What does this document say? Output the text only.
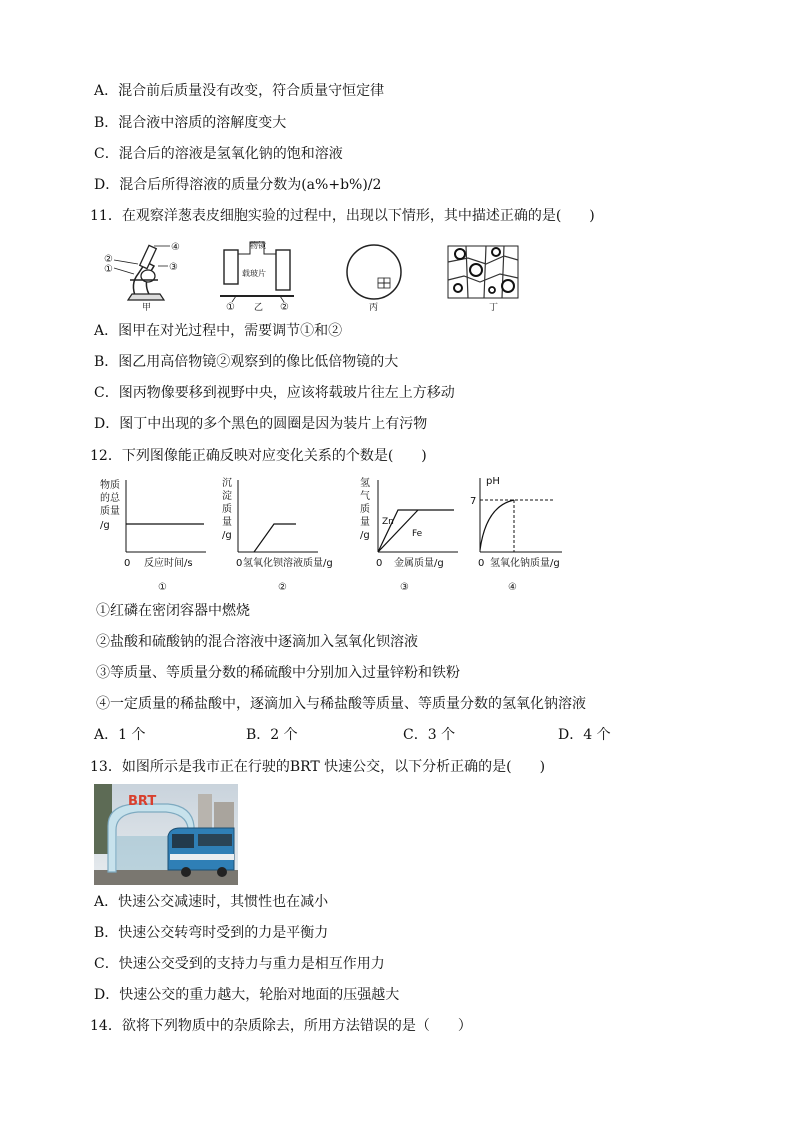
A．混合前后质量没有改变，符合质量守恒定律
B．混合液中溶质的溶解度变大
C．混合后的溶液是氢氧化钠的饱和溶液
D．混合后所得溶液的质量分数为(a%+b%)/2
11．在观察洋葱表皮细胞实验的过程中，出现以下情形，其中描述正确的是(　　)
④
③
②
①
甲
物镜
载玻片
① 乙 ②	丙	丁
A．图甲在对光过程中，需要调节①和②
B．图乙用高倍物镜②观察到的像比低倍物镜的大
C．图丙物像要移到视野中央，应该将载玻片往左上方移动
D．图丁中出现的多个黑色的圆圈是因为装片上有污物
12．下列图像能正确反映对应变化关系的个数是(　　)
物质
的总
质量
/g
0 反应时间/s
①
沉
淀
质
量
/g
0 氢氧化钡溶液质量/g
②
氢
气
质
量
/g
Zn
Fe
0 金属质量/g
③
pH
7
0 氢氧化钠质量/g
④
①红磷在密闭容器中燃烧
②盐酸和硫酸钠的混合溶液中逐滴加入氢氧化钡溶液
③等质量、等质量分数的稀硫酸中分别加入过量锌粉和铁粉
④一定质量的稀盐酸中，逐滴加入与稀盐酸等质量、等质量分数的氢氧化钠溶液
A．1 个	B．2 个	C．3 个	D．4 个
13．如图所示是我市正在行驶的BRT 快速公交，以下分析正确的是(　　)
BRT
A．快速公交减速时，其惯性也在减小
B．快速公交转弯时受到的力是平衡力
C．快速公交受到的支持力与重力是相互作用力
D．快速公交的重力越大，轮胎对地面的压强越大
14．欲将下列物质中的杂质除去，所用方法错误的是（　　）
